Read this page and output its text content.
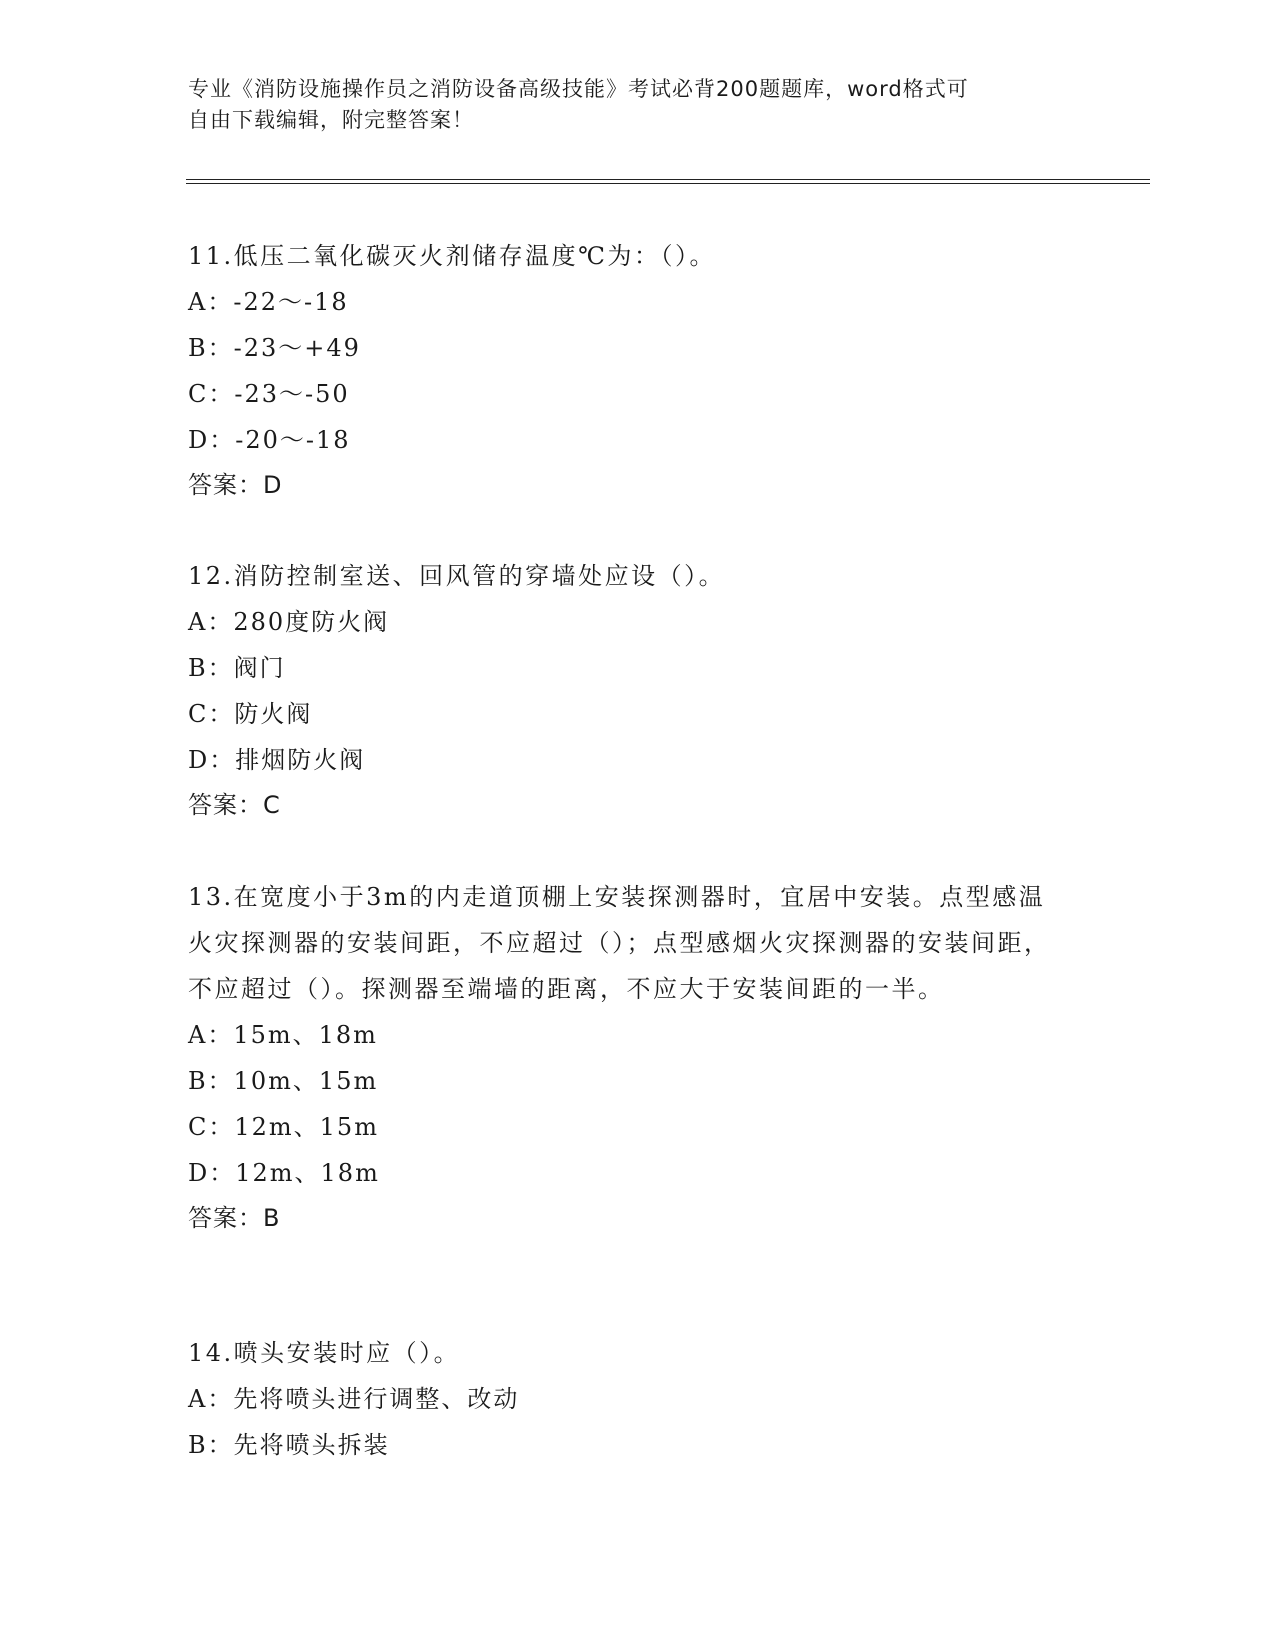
专业《消防设施操作员之消防设备高级技能》考试必背200题题库，word格式可
自由下载编辑，附完整答案！
11.低压二氧化碳灭火剂储存温度℃为：（）。
A：-22～-18
B：-23～+49
C：-23～-50
D：-20～-18
答案：D
12.消防控制室送、回风管的穿墙处应设（）。
A：280度防火阀
B：阀门
C：防火阀
D：排烟防火阀
答案：C
13.在宽度小于3m的内走道顶棚上安装探测器时，宜居中安装。点型感温火灾探测器的安装间距，不应超过（）；点型感烟火灾探测器的安装间距，不应超过（）。探测器至端墙的距离，不应大于安装间距的一半。
A：15m、18m
B：10m、15m
C：12m、15m
D：12m、18m
答案：B
14.喷头安装时应（）。
A：先将喷头进行调整、改动
B：先将喷头拆装
